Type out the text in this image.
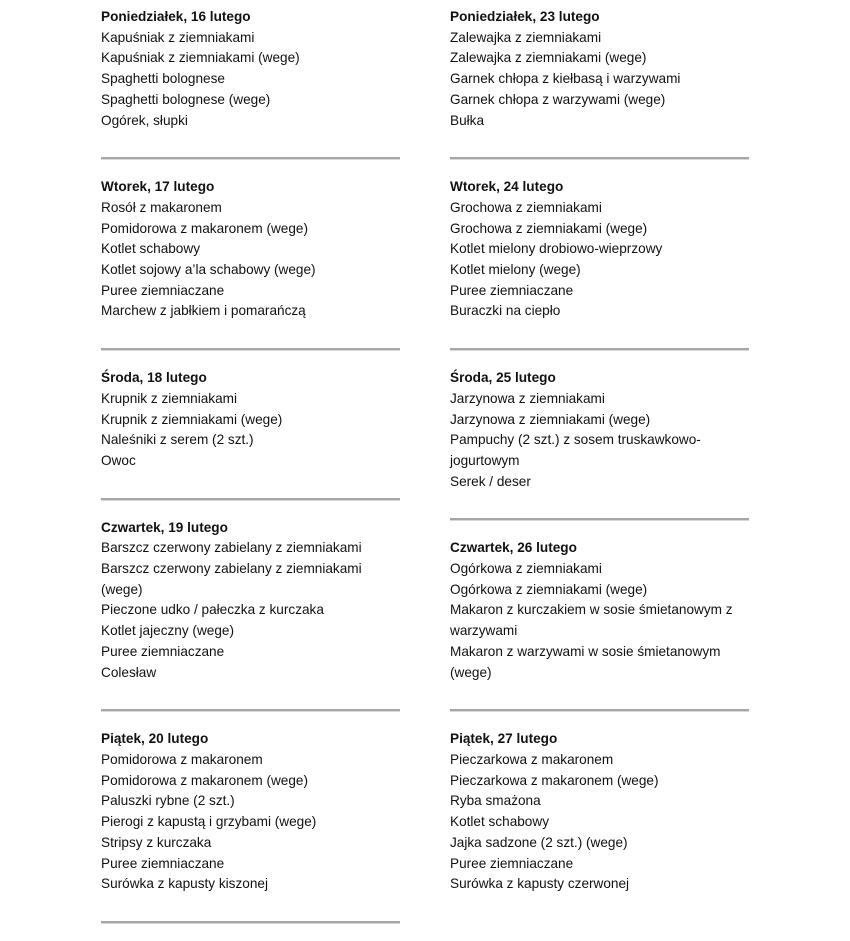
Poniedziałek, 16 lutego
Kapuśniak z ziemniakami
Kapuśniak z ziemniakami (wege)
Spaghetti bolognese
Spaghetti bolognese (wege)
Ogórek, słupki
Wtorek, 17 lutego
Rosół z makaronem
Pomidorowa z makaronem (wege)
Kotlet schabowy
Kotlet sojowy a’la schabowy (wege)
Puree ziemniaczane
Marchew z jabłkiem i pomarańczą
Środa, 18 lutego
Krupnik z ziemniakami
Krupnik z ziemniakami (wege)
Naleśniki z serem (2 szt.)
Owoc
Czwartek, 19 lutego
Barszcz czerwony zabielany z ziemniakami
Barszcz czerwony zabielany z ziemniakami (wege)
Pieczone udko / pałeczka z kurczaka
Kotlet jajeczny (wege)
Puree ziemniaczane
Colesław
Piątek, 20 lutego
Pomidorowa z makaronem
Pomidorowa z makaronem (wege)
Paluszki rybne (2 szt.)
Pierogi z kapustą i grzybami (wege)
Stripsy z kurczaka
Puree ziemniaczane
Surówka z kapusty kiszonej
Poniedziałek, 23 lutego
Zalewajka z ziemniakami
Zalewajka z ziemniakami (wege)
Garnek chłopa z kiełbasą i warzywami
Garnek chłopa z warzywami (wege)
Bułka
Wtorek, 24 lutego
Grochowa z ziemniakami
Grochowa z ziemniakami (wege)
Kotlet mielony drobiowo-wieprzowy
Kotlet mielony (wege)
Puree ziemniaczane
Buraczki na ciepło
Środa, 25 lutego
Jarzynowa z ziemniakami
Jarzynowa z ziemniakami (wege)
Pampuchy (2 szt.) z sosem truskawkowo-jogurtowym
Serek / deser
Czwartek, 26 lutego
Ogórkowa z ziemniakami
Ogórkowa z ziemniakami (wege)
Makaron z kurczakiem w sosie śmietanowym z warzywami
Makaron z warzywami w sosie śmietanowym (wege)
Piątek, 27 lutego
Pieczarkowa z makaronem
Pieczarkowa z makaronem (wege)
Ryba smażona
Kotlet schabowy
Jajka sadzone (2 szt.) (wege)
Puree ziemniaczane
Surówka z kapusty czerwonej
